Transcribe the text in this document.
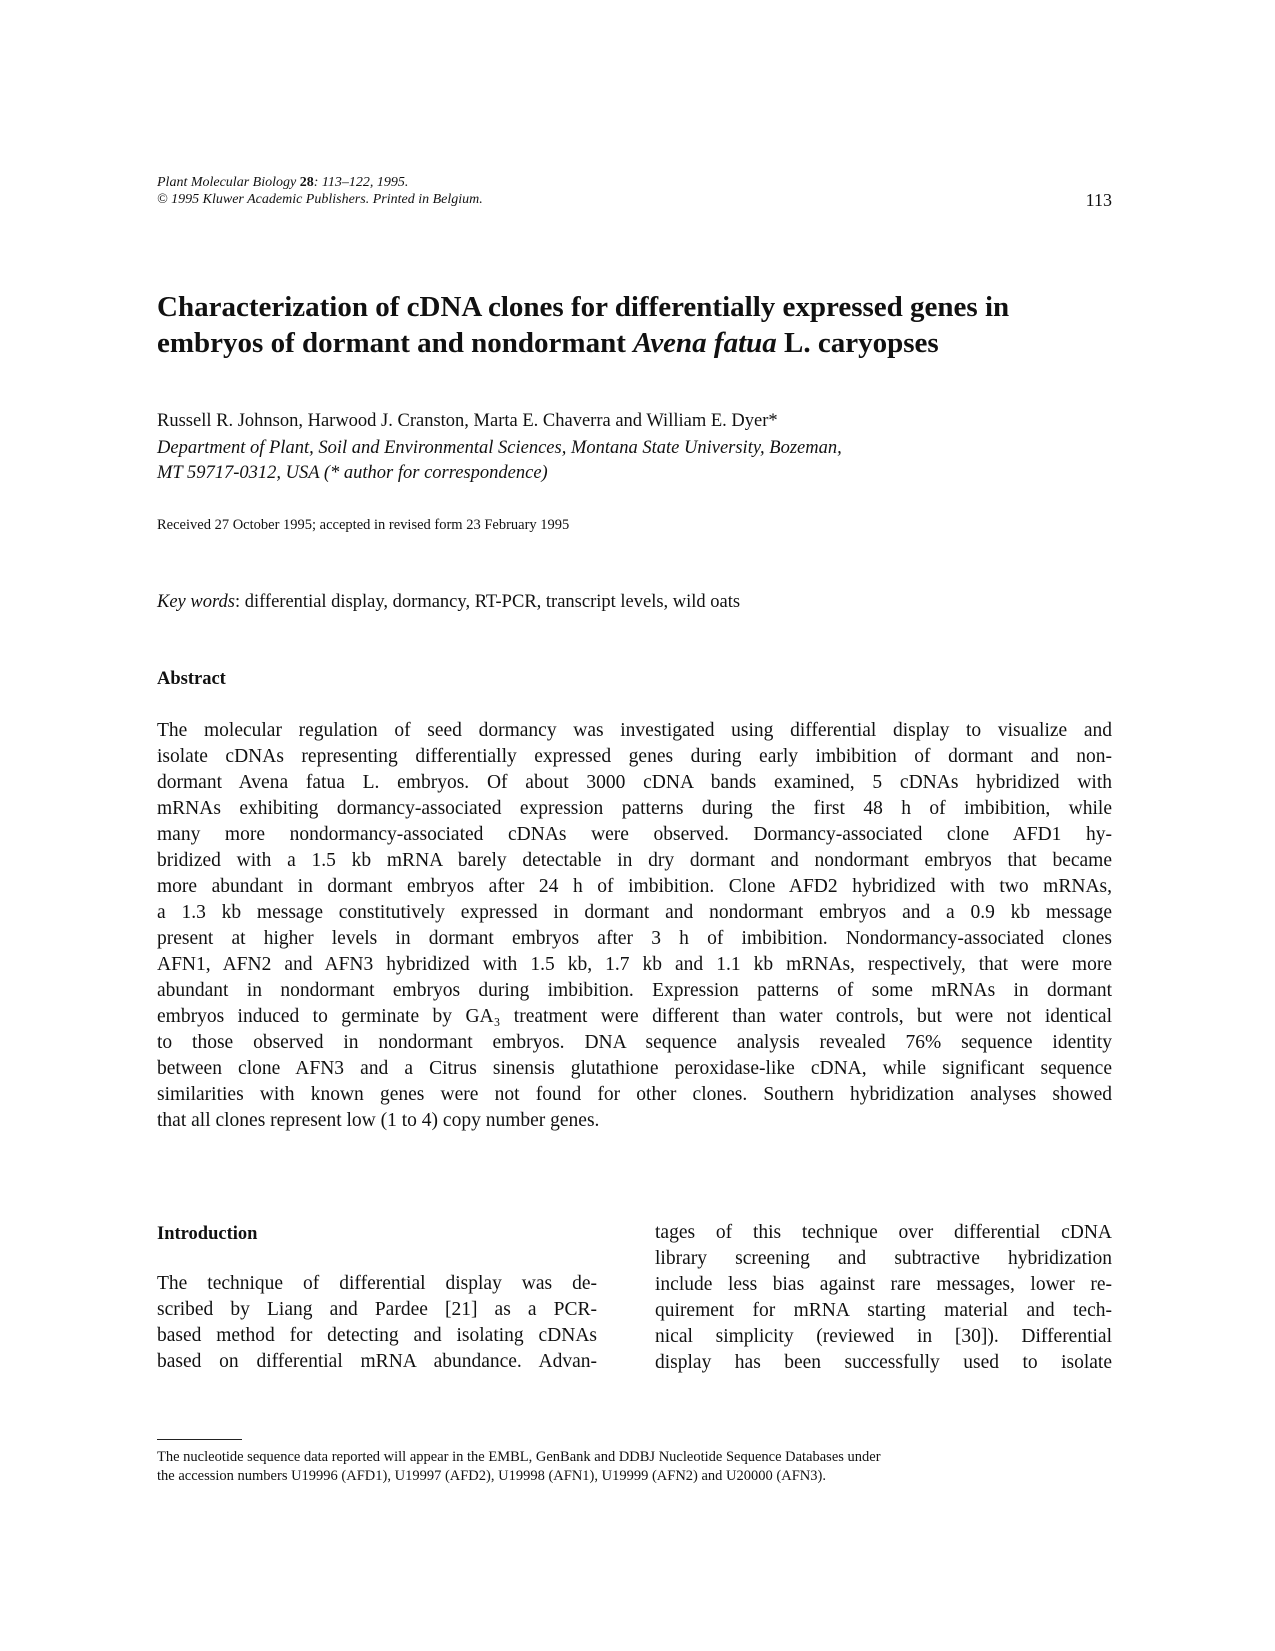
Plant Molecular Biology 28: 113–122, 1995.
© 1995 Kluwer Academic Publishers. Printed in Belgium.	113
Characterization of cDNA clones for differentially expressed genes in
embryos of dormant and nondormant Avena fatua L. caryopses
Russell R. Johnson, Harwood J. Cranston, Marta E. Chaverra and William E. Dyer*
Department of Plant, Soil and Environmental Sciences, Montana State University, Bozeman,
MT 59717-0312, USA (* author for correspondence)
Received 27 October 1995; accepted in revised form 23 February 1995
Key words: differential display, dormancy, RT-PCR, transcript levels, wild oats
Abstract
The molecular regulation of seed dormancy was investigated using differential display to visualize and
isolate cDNAs representing differentially expressed genes during early imbibition of dormant and non-
dormant Avena fatua L. embryos. Of about 3000 cDNA bands examined, 5 cDNAs hybridized with
mRNAs exhibiting dormancy-associated expression patterns during the first 48 h of imbibition, while
many more nondormancy-associated cDNAs were observed. Dormancy-associated clone AFD1 hy-
bridized with a 1.5 kb mRNA barely detectable in dry dormant and nondormant embryos that became
more abundant in dormant embryos after 24 h of imbibition. Clone AFD2 hybridized with two mRNAs,
a 1.3 kb message constitutively expressed in dormant and nondormant embryos and a 0.9 kb message
present at higher levels in dormant embryos after 3 h of imbibition. Nondormancy-associated clones
AFN1, AFN2 and AFN3 hybridized with 1.5 kb, 1.7 kb and 1.1 kb mRNAs, respectively, that were more
abundant in nondormant embryos during imbibition. Expression patterns of some mRNAs in dormant
embryos induced to germinate by GA₃ treatment were different than water controls, but were not identical
to those observed in nondormant embryos. DNA sequence analysis revealed 76% sequence identity
between clone AFN3 and a Citrus sinensis glutathione peroxidase-like cDNA, while significant sequence
similarities with known genes were not found for other clones. Southern hybridization analyses showed
that all clones represent low (1 to 4) copy number genes.
Introduction
The technique of differential display was de-
scribed by Liang and Pardee [21] as a PCR-
based method for detecting and isolating cDNAs
based on differential mRNA abundance. Advan-
tages of this technique over differential cDNA
library screening and subtractive hybridization
include less bias against rare messages, lower re-
quirement for mRNA starting material and tech-
nical simplicity (reviewed in [30]). Differential
display has been successfully used to isolate
The nucleotide sequence data reported will appear in the EMBL, GenBank and DDBJ Nucleotide Sequence Databases under
the accession numbers U19996 (AFD1), U19997 (AFD2), U19998 (AFN1), U19999 (AFN2) and U20000 (AFN3).
